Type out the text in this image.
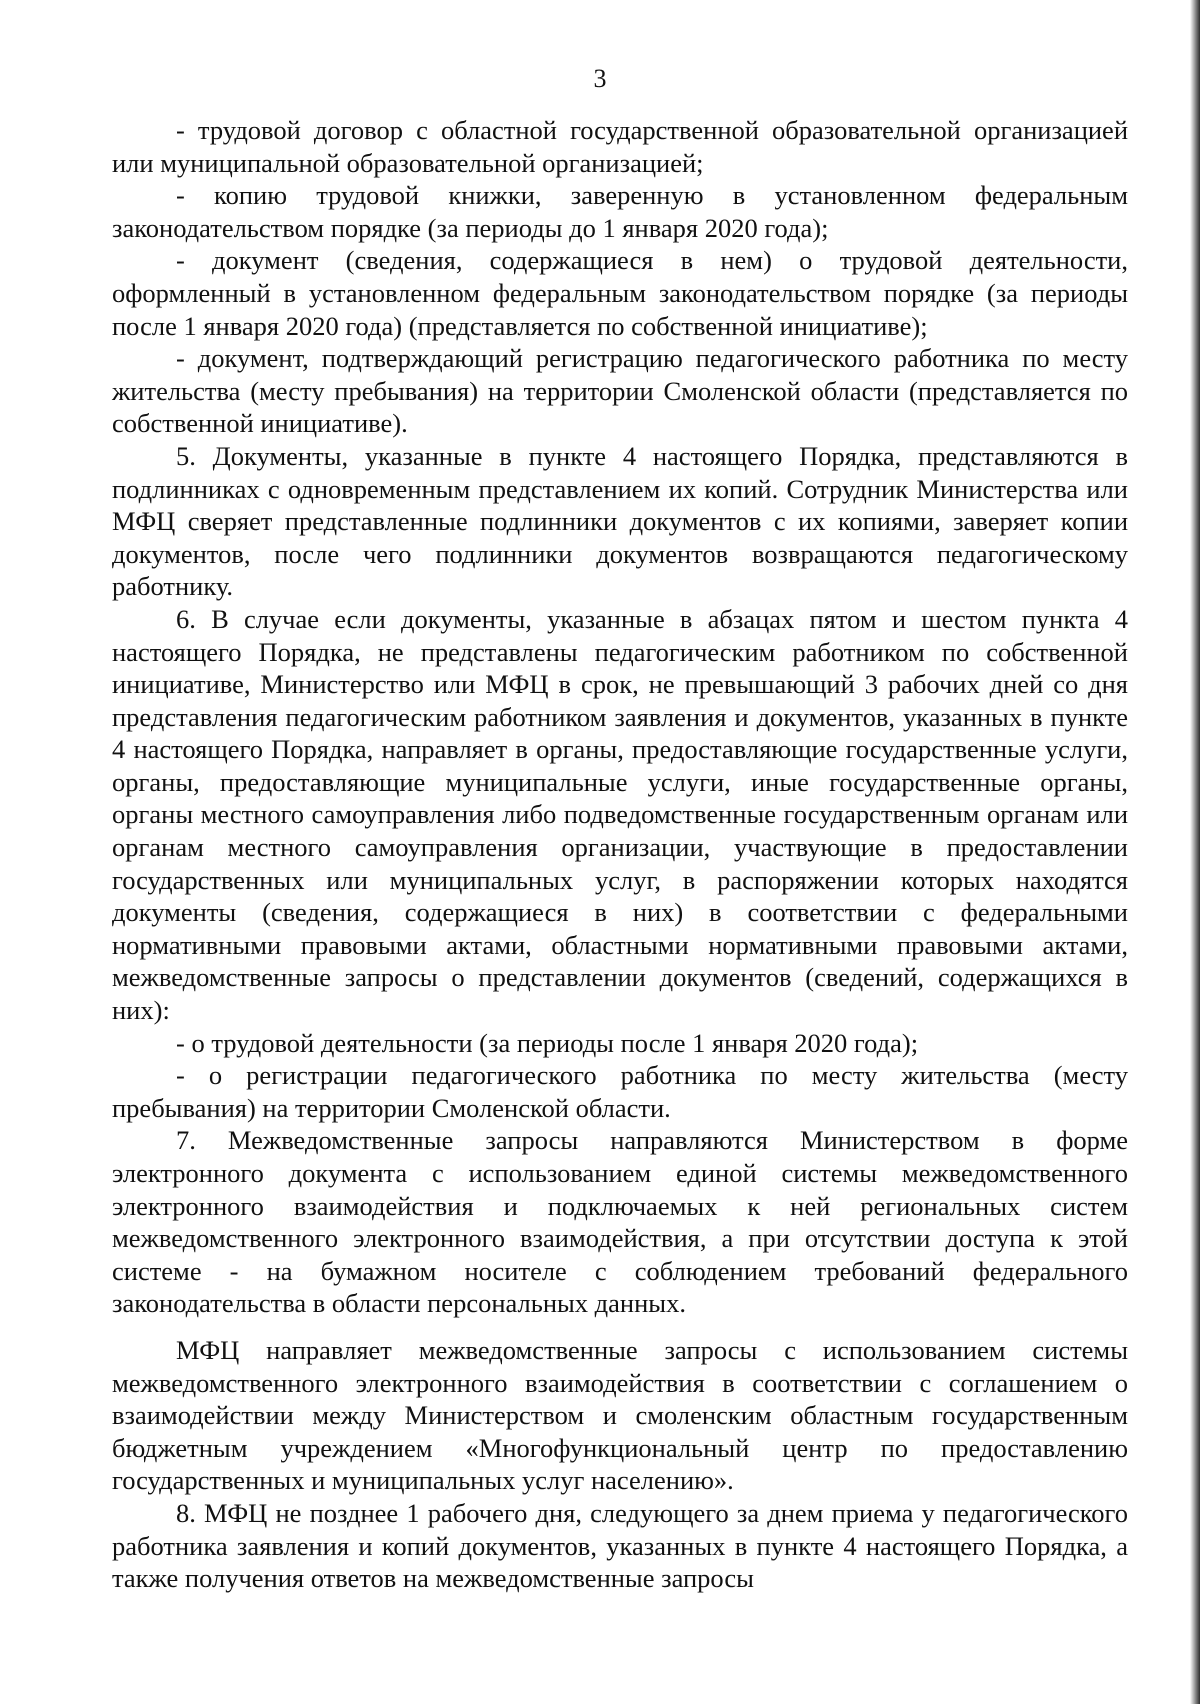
3

- трудовой договор с областной государственной образовательной организацией или муниципальной образовательной организацией;

- копию трудовой книжки, заверенную в установленном федеральным законодательством порядке (за периоды до 1 января 2020 года);

- документ (сведения, содержащиеся в нем) о трудовой деятельности, оформленный в установленном федеральным законодательством порядке (за периоды после 1 января 2020 года) (представляется по собственной инициативе);

- документ, подтверждающий регистрацию педагогического работника по месту жительства (месту пребывания) на территории Смоленской области (представляется по собственной инициативе).

5. Документы, указанные в пункте 4 настоящего Порядка, представляются в подлинниках с одновременным представлением их копий. Сотрудник Министерства или МФЦ сверяет представленные подлинники документов с их копиями, заверяет копии документов, после чего подлинники документов возвращаются педагогическому работнику.

6. В случае если документы, указанные в абзацах пятом и шестом пункта 4 настоящего Порядка, не представлены педагогическим работником по собственной инициативе, Министерство или МФЦ в срок, не превышающий 3 рабочих дней со дня представления педагогическим работником заявления и документов, указанных в пункте 4 настоящего Порядка, направляет в органы, предоставляющие государственные услуги, органы, предоставляющие муниципальные услуги, иные государственные органы, органы местного самоуправления либо подведомственные государственным органам или органам местного самоуправления организации, участвующие в предоставлении государственных или муниципальных услуг, в распоряжении которых находятся документы (сведения, содержащиеся в них) в соответствии с федеральными нормативными правовыми актами, областными нормативными правовыми актами, межведомственные запросы о представлении документов (сведений, содержащихся в них):

- о трудовой деятельности (за периоды после 1 января 2020 года);

- о регистрации педагогического работника по месту жительства (месту пребывания) на территории Смоленской области.

7. Межведомственные запросы направляются Министерством в форме электронного документа с использованием единой системы межведомственного электронного взаимодействия и подключаемых к ней региональных систем межведомственного электронного взаимодействия, а при отсутствии доступа к этой системе - на бумажном носителе с соблюдением требований федерального законодательства в области персональных данных.

МФЦ направляет межведомственные запросы с использованием системы межведомственного электронного взаимодействия в соответствии с соглашением о взаимодействии между Министерством и смоленским областным государственным бюджетным учреждением «Многофункциональный центр по предоставлению государственных и муниципальных услуг населению».

8. МФЦ не позднее 1 рабочего дня, следующего за днем приема у педагогического работника заявления и копий документов, указанных в пункте 4 настоящего Порядка, а также получения ответов на межведомственные запросы
